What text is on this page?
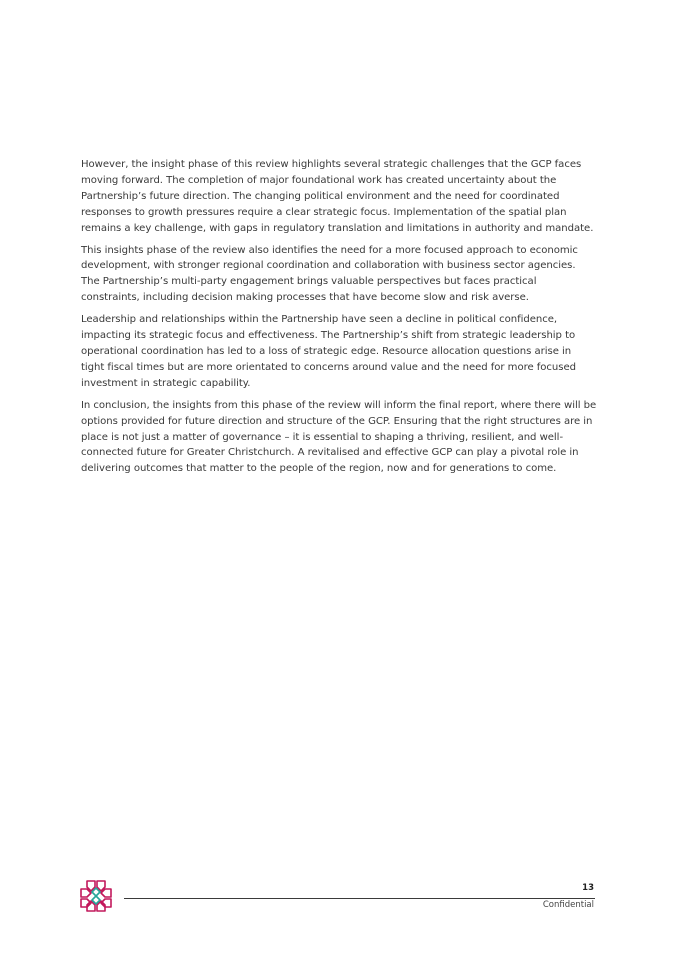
However, the insight phase of this review highlights several strategic challenges that the GCP faces moving forward. The completion of major foundational work has created uncertainty about the Partnership’s future direction. The changing political environment and the need for coordinated responses to growth pressures require a clear strategic focus. Implementation of the spatial plan remains a key challenge, with gaps in regulatory translation and limitations in authority and mandate.

This insights phase of the review also identifies the need for a more focused approach to economic development, with stronger regional coordination and collaboration with business sector agencies. The Partnership’s multi-party engagement brings valuable perspectives but faces practical constraints, including decision making processes that have become slow and risk averse.

Leadership and relationships within the Partnership have seen a decline in political confidence, impacting its strategic focus and effectiveness. The Partnership’s shift from strategic leadership to operational coordination has led to a loss of strategic edge. Resource allocation questions arise in tight fiscal times but are more orientated to concerns around value and the need for more focused investment in strategic capability.

In conclusion, the insights from this phase of the review will inform the final report, where there will be options provided for future direction and structure of the GCP. Ensuring that the right structures are in place is not just a matter of governance – it is essential to shaping a thriving, resilient, and well-connected future for Greater Christchurch. A revitalised and effective GCP can play a pivotal role in delivering outcomes that matter to the people of the region, now and for generations to come.

13
Confidential
